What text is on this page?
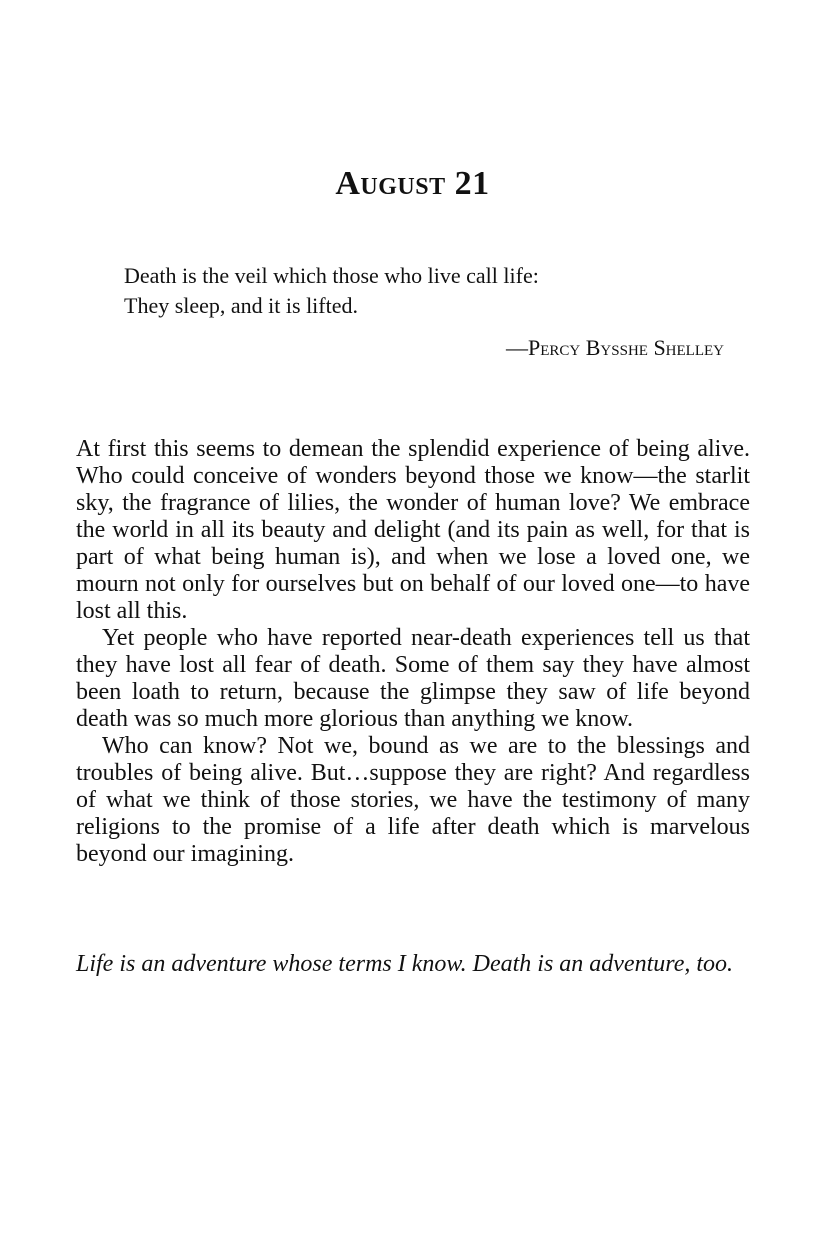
August 21
Death is the veil which those who live call life:
They sleep, and it is lifted.
—Percy Bysshe Shelley

At first this seems to demean the splendid experience of being alive. Who could conceive of wonders beyond those we know—the starlit sky, the fragrance of lilies, the wonder of human love? We embrace the world in all its beauty and delight (and its pain as well, for that is part of what being human is), and when we lose a loved one, we mourn not only for ourselves but on behalf of our loved one—to have lost all this.

Yet people who have reported near-death experiences tell us that they have lost all fear of death. Some of them say they have almost been loath to return, because the glimpse they saw of life beyond death was so much more glorious than anything we know.

Who can know? Not we, bound as we are to the blessings and troubles of being alive. But…suppose they are right? And regardless of what we think of those stories, we have the testimony of many religions to the promise of a life after death which is marvelous beyond our imagining.

Life is an adventure whose terms I know. Death is an adventure, too.
